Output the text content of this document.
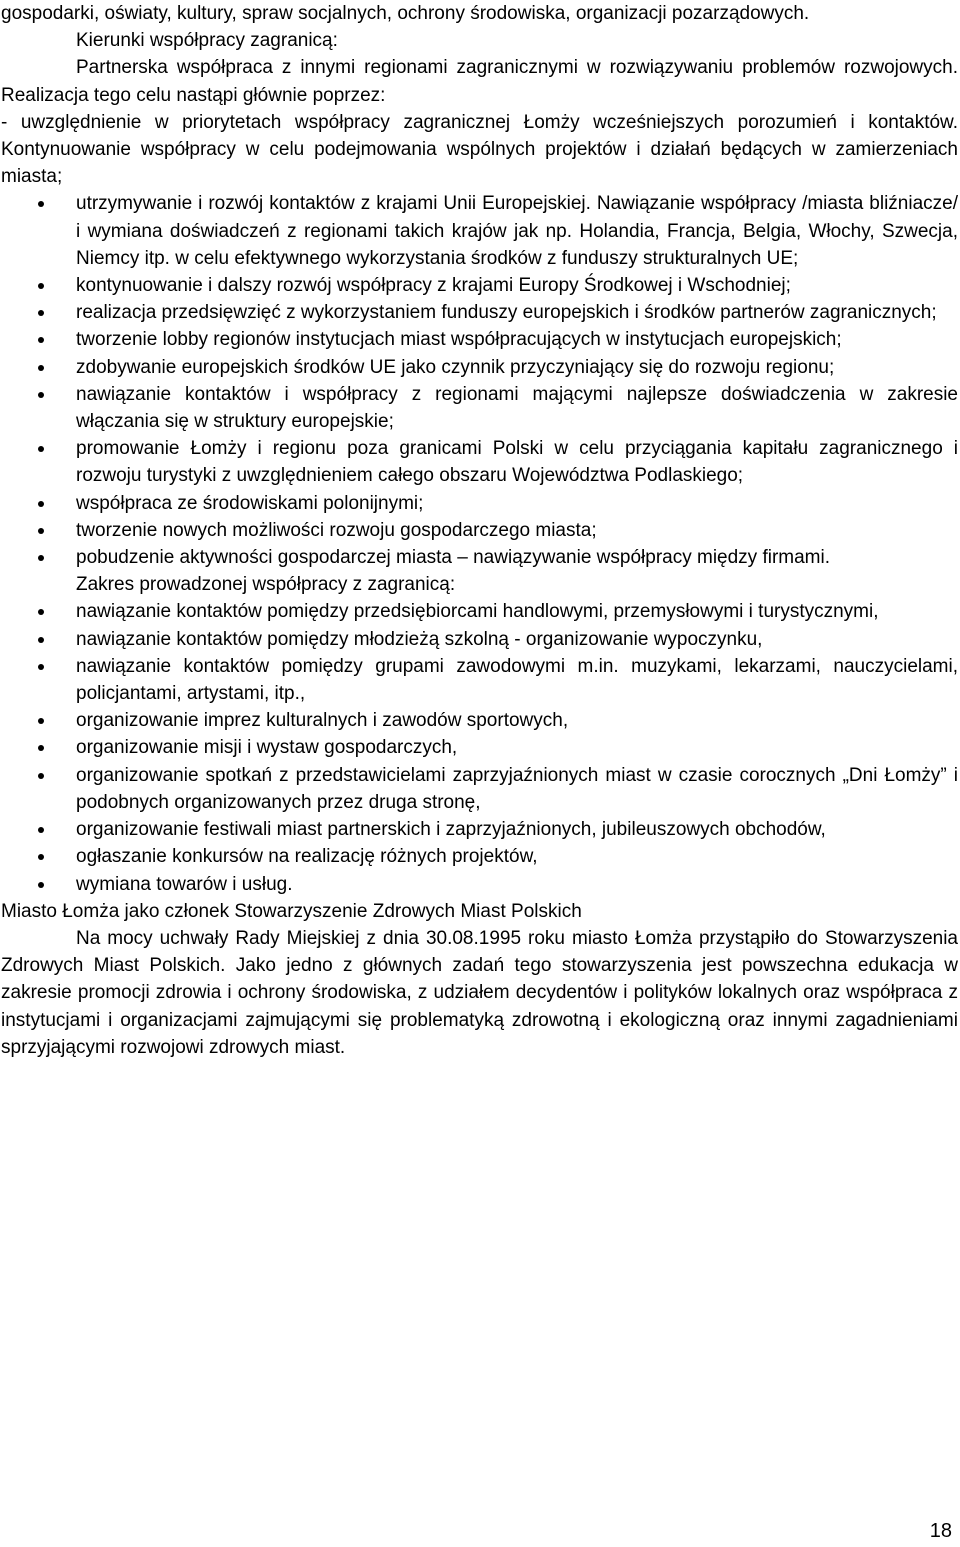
gospodarki, oświaty, kultury, spraw socjalnych, ochrony środowiska, organizacji pozarządowych.

Kierunki współpracy zagranicą:

Partnerska współpraca z innymi regionami zagranicznymi w rozwiązywaniu problemów rozwojowych. Realizacja tego celu nastąpi głównie poprzez:

- uwzględnienie w priorytetach współpracy zagranicznej Łomży wcześniejszych porozumień i kontaktów. Kontynuowanie współpracy w celu podejmowania wspólnych projektów i działań będących w zamierzeniach miasta;

utrzymywanie i rozwój kontaktów z krajami Unii Europejskiej. Nawiązanie współpracy /miasta bliźniacze/ i wymiana doświadczeń z regionami takich krajów jak np. Holandia, Francja, Belgia, Włochy, Szwecja, Niemcy itp. w celu efektywnego wykorzystania środków z funduszy strukturalnych UE;
kontynuowanie i dalszy rozwój współpracy z krajami Europy Środkowej i Wschodniej;
realizacja przedsięwzięć z wykorzystaniem funduszy europejskich i środków partnerów zagranicznych;
tworzenie lobby regionów instytucjach miast współpracujących w instytucjach europejskich;
zdobywanie europejskich środków UE jako czynnik przyczyniający się do rozwoju regionu;
nawiązanie kontaktów i współpracy z regionami mającymi najlepsze doświadczenia w zakresie włączania się w struktury europejskie;
promowanie Łomży i regionu poza granicami Polski w celu przyciągania kapitału zagranicznego i rozwoju turystyki z uwzględnieniem całego obszaru Województwa Podlaskiego;
współpraca ze środowiskami polonijnymi;
tworzenie nowych możliwości rozwoju gospodarczego miasta;
pobudzenie aktywności gospodarczej miasta – nawiązywanie współpracy między firmami.

Zakres prowadzonej współpracy z zagranicą:

nawiązanie kontaktów pomiędzy przedsiębiorcami handlowymi, przemysłowymi i turystycznymi,
nawiązanie kontaktów pomiędzy młodzieżą szkolną - organizowanie wypoczynku,
nawiązanie kontaktów pomiędzy grupami zawodowymi m.in. muzykami, lekarzami, nauczycielami, policjantami, artystami, itp.,
organizowanie imprez kulturalnych i zawodów sportowych,
organizowanie misji i wystaw gospodarczych,
organizowanie spotkań z przedstawicielami zaprzyjaźnionych miast w czasie corocznych „Dni Łomży” i podobnych organizowanych przez druga stronę,
organizowanie festiwali miast partnerskich i zaprzyjaźnionych, jubileuszowych obchodów,
ogłaszanie konkursów na realizację różnych projektów,
wymiana towarów i usług.

Miasto Łomża jako członek Stowarzyszenie Zdrowych Miast Polskich

Na mocy uchwały Rady Miejskiej z dnia 30.08.1995 roku miasto Łomża przystąpiło do Stowarzyszenia Zdrowych Miast Polskich. Jako jedno z głównych zadań tego stowarzyszenia jest powszechna edukacja w zakresie promocji zdrowia i ochrony środowiska, z udziałem decydentów i polityków lokalnych oraz współpraca z instytucjami i organizacjami zajmującymi się problematyką zdrowotną i ekologiczną oraz innymi zagadnieniami sprzyjającymi rozwojowi zdrowych miast.

18
